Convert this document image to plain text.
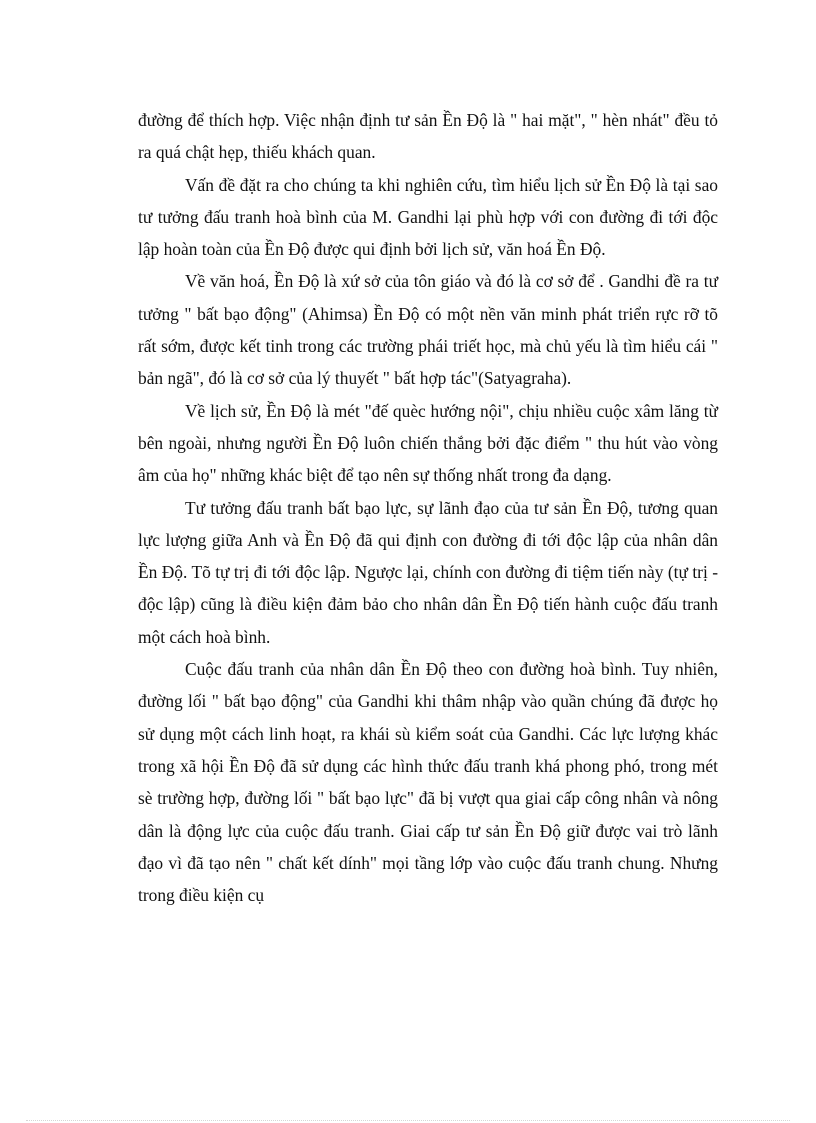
đường để thích hợp. Việc nhận định tư sản Ền Độ là " hai mặt", " hèn nhát" đều tỏ ra quá chật hẹp, thiếu khách quan.

Vấn đề đặt ra cho chúng ta khi nghiên cứu, tìm hiểu lịch sử Ền Độ là tại sao tư tưởng đấu tranh hoà bình của M. Gandhi lại phù hợp với con đường đi tới độc lập hoàn toàn của Ền Độ được qui định bởi lịch sử, văn hoá Ền Độ.

Về văn hoá, Ền Độ là xứ sở của tôn giáo và đó là cơ sở để . Gandhi đề ra tư tưởng " bất bạo động" (Ahimsa) Ền Độ có một nền văn minh phát triển rực rỡ tõ rất sớm, được kết tinh trong các trường phái triết học, mà chủ yếu là tìm hiểu cái " bản ngã", đó là cơ sở của lý thuyết " bất hợp tác"(Satyagraha).

Về lịch sử, Ền Độ là mét "đế quèc hướng nội", chịu nhiều cuộc xâm lăng từ bên ngoài, nhưng người Ền Độ luôn chiến thắng bởi đặc điểm " thu hút vào vòng âm của họ" những khác biệt để tạo nên sự thống nhất trong đa dạng.

Tư tưởng đấu tranh bất bạo lực, sự lãnh đạo của tư sản Ền Độ, tương quan lực lượng giữa Anh và Ền Độ đã qui định con đường đi tới độc lập của nhân dân Ền Độ. Tõ tự trị đi tới độc lập. Ngược lại, chính con đường đi tiệm tiến này (tự trị - độc lập) cũng là điều kiện đảm bảo cho nhân dân Ền Độ tiến hành cuộc đấu tranh một cách hoà bình.

Cuộc đấu tranh của nhân dân Ền Độ theo con đường hoà bình. Tuy nhiên, đường lối " bất bạo động" của Gandhi khi thâm nhập vào quần chúng đã được họ sử dụng một cách linh hoạt, ra khái sù kiểm soát của Gandhi. Các lực lượng khác trong xã hội Ền Độ đã sử dụng các hình thức đấu tranh khá phong phó, trong mét sè trường hợp, đường lối " bất bạo lực" đã bị vượt qua giai cấp công nhân và nông dân là động lực của cuộc đấu tranh. Giai cấp tư sản Ền Độ giữ được vai trò lãnh đạo vì đã tạo nên " chất kết dính" mọi tầng lớp vào cuộc đấu tranh chung. Nhưng trong điều kiện cụ
